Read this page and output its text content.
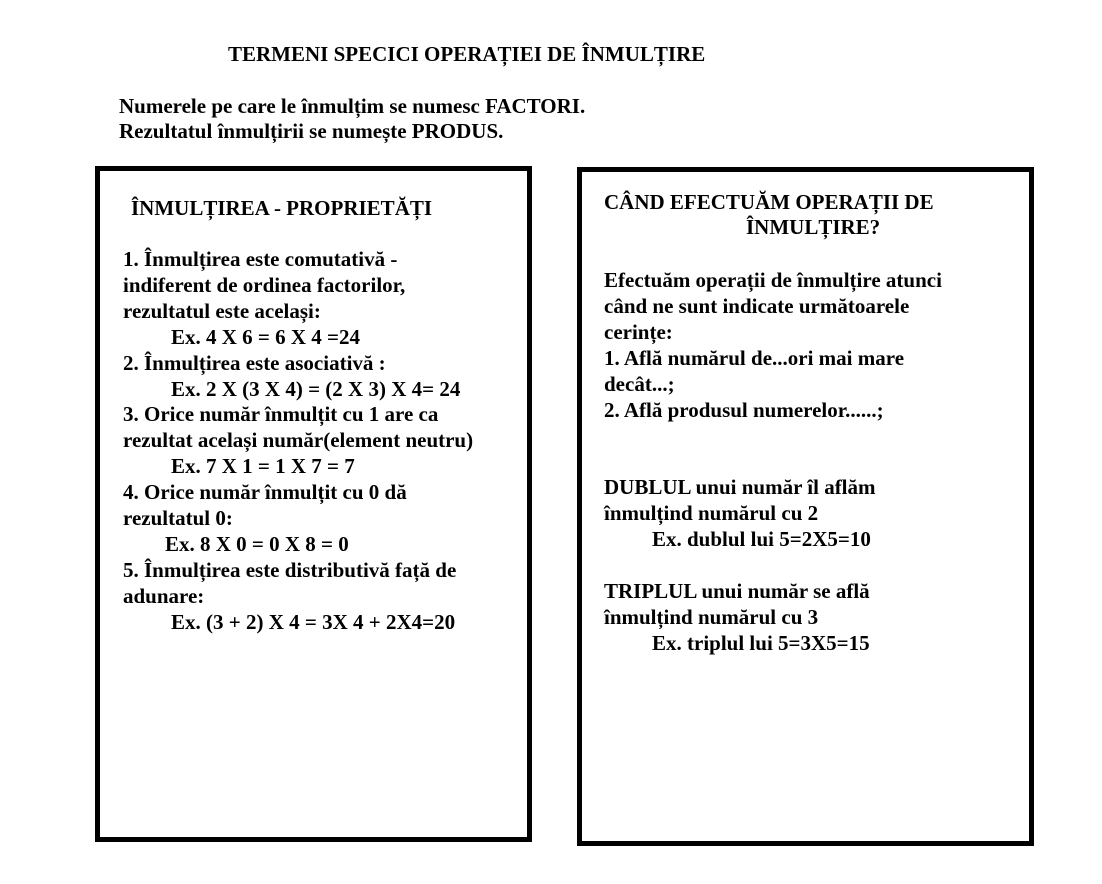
TERMENI SPECICI OPERAȚIEI DE ÎNMULȚIRE
Numerele pe care le înmulțim se numesc FACTORI.
Rezultatul înmulțirii se numește PRODUS.
ÎNMULȚIREA - PROPRIETĂȚI
1. Înmulțirea este comutativă -
indiferent de ordinea factorilor,
rezultatul este același:
Ex. 4 X 6 = 6 X 4 =24
2. Înmulțirea este asociativă :
Ex. 2 X (3 X 4) = (2 X 3) X 4= 24
3. Orice număr înmulțit cu 1 are ca
rezultat același număr(element neutru)
Ex. 7 X 1 = 1 X 7 = 7
4. Orice număr înmulțit cu 0 dă
rezultatul 0:
Ex. 8 X 0 = 0 X 8 = 0
5. Înmulțirea este distributivă față de
adunare:
Ex. (3 + 2) X 4 = 3X 4 + 2X4=20
CÂND EFECTUĂM OPERAȚII DE
ÎNMULȚIRE?
Efectuăm operații de înmulțire atunci
când ne sunt indicate următoarele
cerințe:
1. Află numărul de...ori mai mare
decât...;
2. Află produsul numerelor......;
DUBLUL unui număr îl aflăm
înmulțind numărul cu 2
Ex. dublul lui 5=2X5=10
TRIPLUL unui număr se află
înmulțind numărul cu 3
Ex. triplul lui 5=3X5=15
